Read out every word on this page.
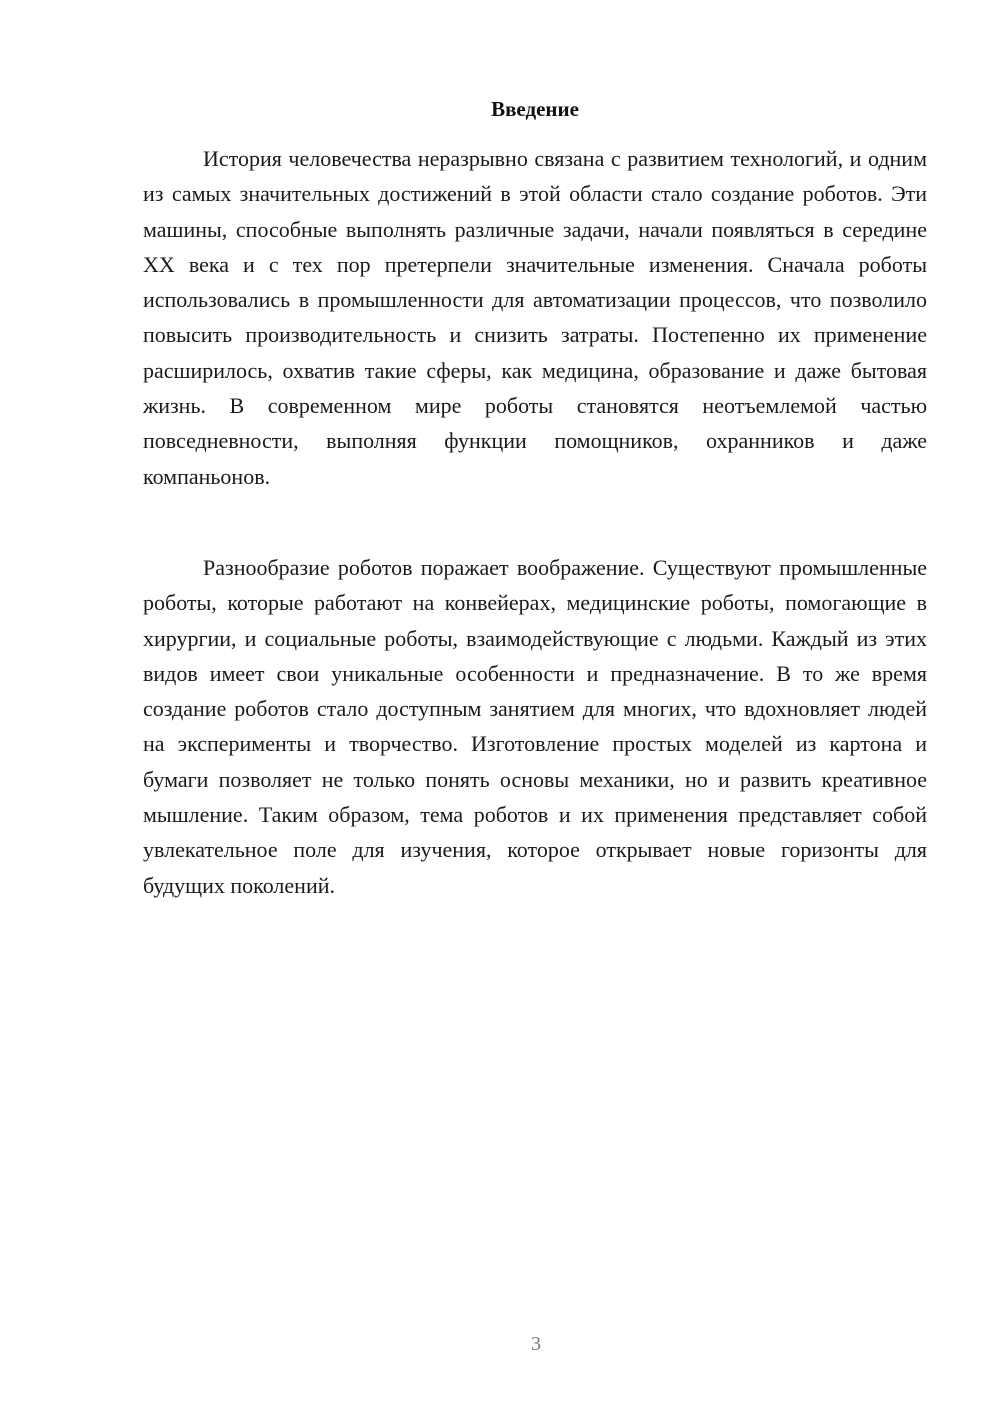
Введение

История человечества неразрывно связана с развитием технологий, и одним из самых значительных достижений в этой области стало создание роботов. Эти машины, способные выполнять различные задачи, начали появляться в середине XX века и с тех пор претерпели значительные изменения. Сначала роботы использовались в промышленности для автоматизации процессов, что позволило повысить производительность и снизить затраты. Постепенно их применение расширилось, охватив такие сферы, как медицина, образование и даже бытовая жизнь. В современном мире роботы становятся неотъемлемой частью повседневности, выполняя функции помощников, охранников и даже компаньонов.

Разнообразие роботов поражает воображение. Существуют промышленные роботы, которые работают на конвейерах, медицинские роботы, помогающие в хирургии, и социальные роботы, взаимодействующие с людьми. Каждый из этих видов имеет свои уникальные особенности и предназначение. В то же время создание роботов стало доступным занятием для многих, что вдохновляет людей на эксперименты и творчество. Изготовление простых моделей из картона и бумаги позволяет не только понять основы механики, но и развить креативное мышление. Таким образом, тема роботов и их применения представляет собой увлекательное поле для изучения, которое открывает новые горизонты для будущих поколений.

3
